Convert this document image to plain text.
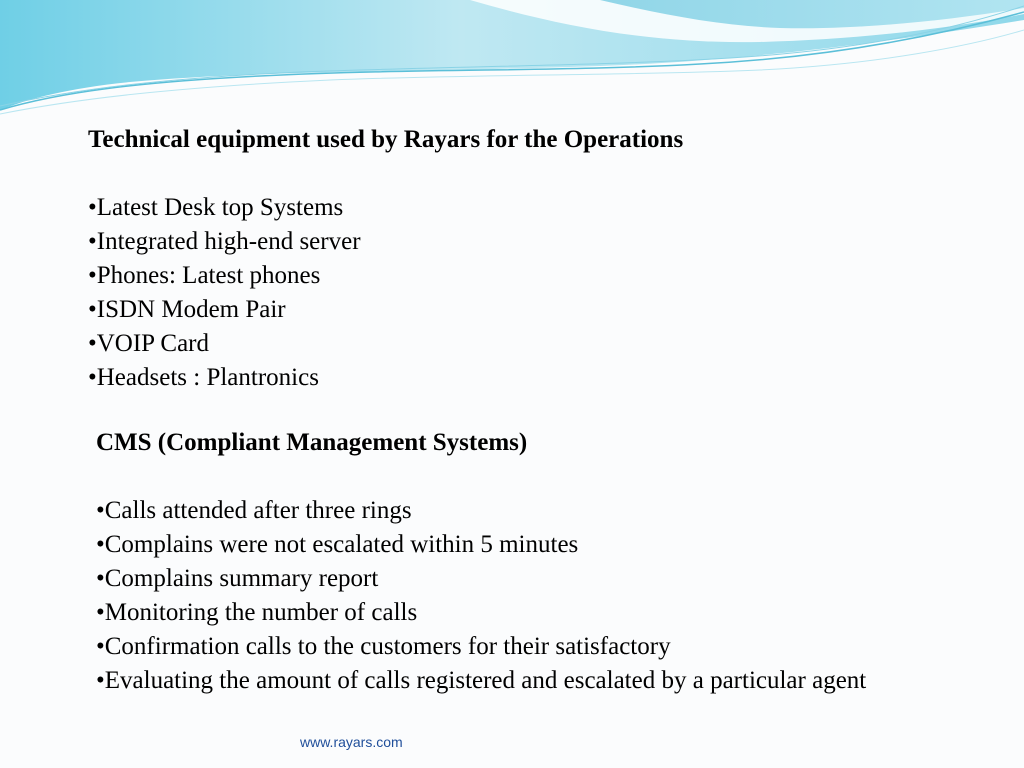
Technical equipment used by Rayars for the Operations
•Latest Desk top Systems
•Integrated high-end server
•Phones: Latest phones
•ISDN Modem Pair
•VOIP Card
•Headsets : Plantronics
CMS (Compliant Management Systems)
•Calls attended after three rings
•Complains were not escalated within 5 minutes
•Complains summary report
•Monitoring the number of calls
•Confirmation calls to the customers for their satisfactory
•Evaluating the amount of calls registered and escalated by a particular agent
www.rayars.com
